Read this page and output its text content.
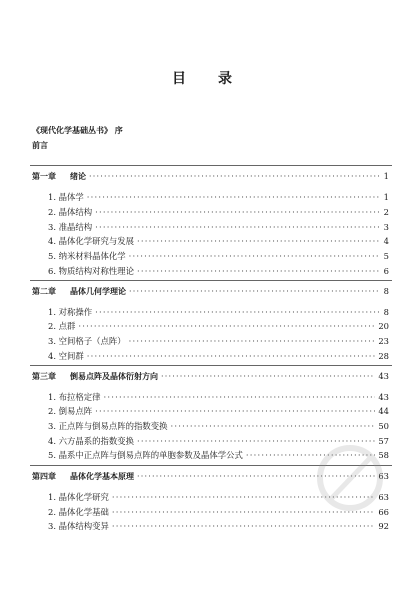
目 录
《现代化学基础丛书》 序
前言
第一章 绪论 ·····	1
1. 晶体学 ·····	1
2. 晶体结构 ·····	2
3. 准晶结构 ·····	3
4. 晶体化学研究与发展 ·····	4
5. 纳米材料晶体化学 ·····	5
6. 物质结构对称性理论 ·····	6
第二章 晶体几何学理论 ·····	8
1. 对称操作 ·····	8
2. 点群 ·····	20
3. 空间格子（点阵） ·····	23
4. 空间群 ·····	28
第三章 倒易点阵及晶体衍射方向 ·····	43
1. 布拉格定律 ·····	43
2. 倒易点阵 ·····	44
3. 正点阵与倒易点阵的指数变换 ·····	50
4. 六方晶系的指数变换 ·····	57
5. 晶系中正点阵与倒易点阵的单胞参数及晶体学公式 ·····	58
第四章 晶体化学基本原理 ·····	63
1. 晶体化学研究 ·····	63
2. 晶体化学基础 ·····	66
3. 晶体结构变异 ·····	92
